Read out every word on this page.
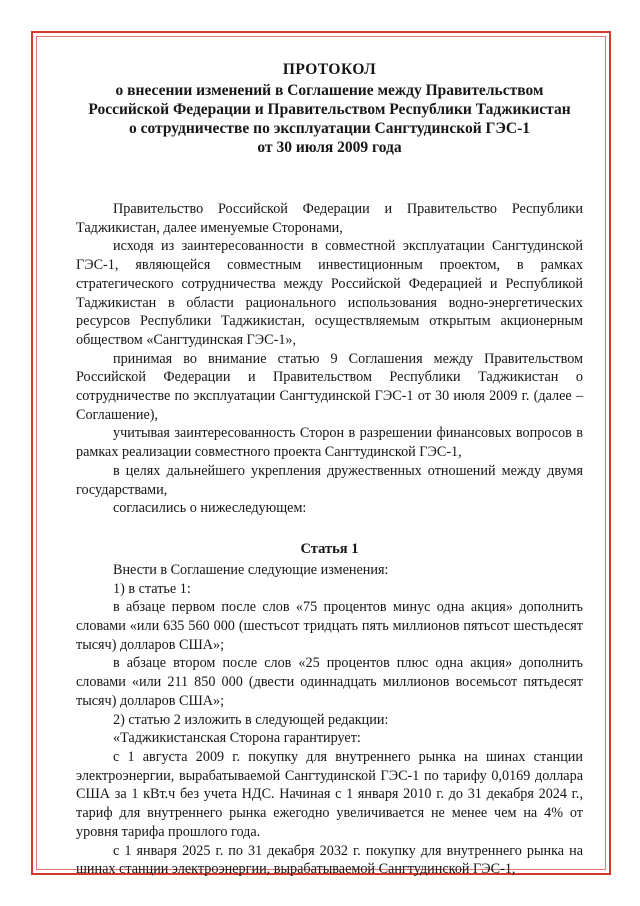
ПРОТОКОЛ
о внесении изменений в Соглашение между Правительством
Российской Федерации и Правительством Республики Таджикистан
о сотрудничестве по эксплуатации Сангтудинской ГЭС-1
от 30 июля 2009 года

Правительство Российской Федерации и Правительство Республики Таджикистан, далее именуемые Сторонами,

исходя из заинтересованности в совместной эксплуатации Сангтудинской ГЭС-1, являющейся совместным инвестиционным проектом, в рамках стратегического сотрудничества между Российской Федерацией и Республикой Таджикистан в области рационального использования водно-энергетических ресурсов Республики Таджикистан, осуществляемым открытым акционерным обществом «Сангтудинская ГЭС-1»,

принимая во внимание статью 9 Соглашения между Правительством Российской Федерации и Правительством Республики Таджикистан о сотрудничестве по эксплуатации Сангтудинской ГЭС-1 от 30 июля 2009 г. (далее – Соглашение),

учитывая заинтересованность Сторон в разрешении финансовых вопросов в рамках реализации совместного проекта Сангтудинской ГЭС-1,

в целях дальнейшего укрепления дружественных отношений между двумя государствами,

согласились о нижеследующем:

Статья 1

Внести в Соглашение следующие изменения:

1) в статье 1:

в абзаце первом после слов «75 процентов минус одна акция» дополнить словами «или 635 560 000 (шестьсот тридцать пять миллионов пятьсот шестьдесят тысяч) долларов США»;

в абзаце втором после слов «25 процентов плюс одна акция» дополнить словами «или 211 850 000 (двести одиннадцать миллионов восемьсот пятьдесят тысяч) долларов США»;

2) статью 2 изложить в следующей редакции:

«Таджикистанская Сторона гарантирует:

с 1 августа 2009 г. покупку для внутреннего рынка на шинах станции электроэнергии, вырабатываемой Сангтудинской ГЭС-1 по тарифу 0,0169 доллара США за 1 кВт.ч без учета НДС. Начиная с 1 января 2010 г. до 31 декабря 2024 г., тариф для внутреннего рынка ежегодно увеличивается не менее чем на 4% от уровня тарифа прошлого года.

с 1 января 2025 г. по 31 декабря 2032 г. покупку для внутреннего рынка на шинах станции электроэнергии, вырабатываемой Сангтудинской ГЭС-1,
